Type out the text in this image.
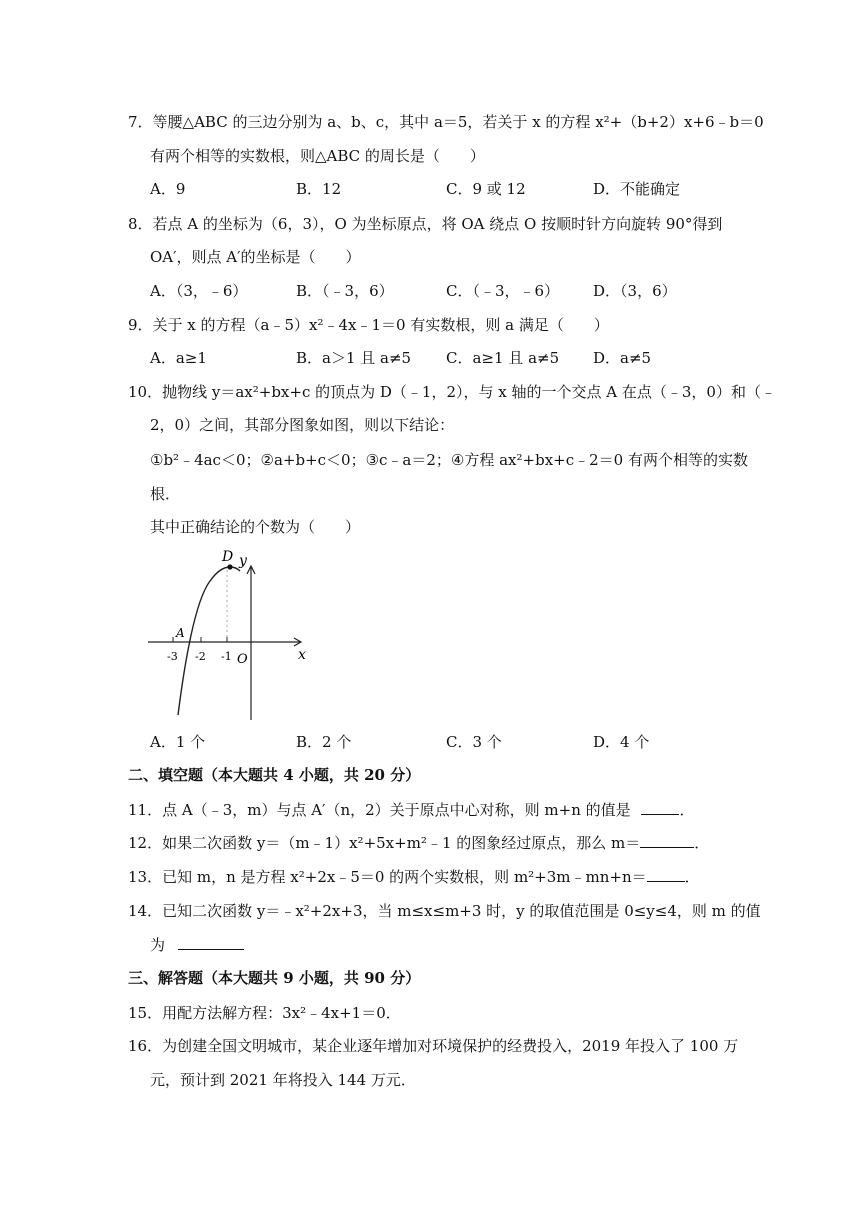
7．等腰△ABC 的三边分别为 a、b、c，其中 a＝5，若关于 x 的方程 x²+（b+2）x+6﹣b＝0
有两个相等的实数根，则△ABC 的周长是（　　）
A．9	B．12	C．9 或 12	D．不能确定
8．若点 A 的坐标为（6，3），O 为坐标原点，将 OA 绕点 O 按顺时针方向旋转 90°得到
OA′，则点 A′的坐标是（　　）
A．（3，﹣6）	B．（﹣3，6）	C．（﹣3，﹣6） D．（3，6）
9．关于 x 的方程（a﹣5）x²﹣4x﹣1＝0 有实数根，则 a 满足（　　）
A．a≥1	B．a＞1 且 a≠5 C．a≥1 且 a≠5 D．a≠5
10．抛物线 y＝ax²+bx+c 的顶点为 D（﹣1，2），与 x 轴的一个交点 A 在点（﹣3，0）和（﹣
2，0）之间，其部分图象如图，则以下结论：
①b²﹣4ac＜0；②a+b+c＜0；③c﹣a＝2；④方程 ax²+bx+c﹣2＝0 有两个相等的实数
根．
其中正确结论的个数为（　　）
D y
A
x
O
-3 -2 -1
A．1 个	B．2 个	C．3 个	D．4 个
二、填空题（本大题共 4 小题，共 20 分）
11．点 A（﹣3，m）与点 A′（n，2）关于原点中心对称，则 m+n 的值是	．
12．如果二次函数 y＝（m﹣1）x²+5x+m²﹣1 的图象经过原点，那么 m＝	．
13．已知 m，n 是方程 x²+2x﹣5＝0 的两个实数根，则 m²+3m﹣mn+n＝	．
14．已知二次函数 y＝﹣x²+2x+3，当 m≤x≤m+3 时，y 的取值范围是 0≤y≤4，则 m 的值
为
三、解答题（本大题共 9 小题，共 90 分）
15．用配方法解方程：3x²﹣4x+1＝0．
16．为创建全国文明城市，某企业逐年增加对环境保护的经费投入，2019 年投入了 100 万
元，预计到 2021 年将投入 144 万元．
